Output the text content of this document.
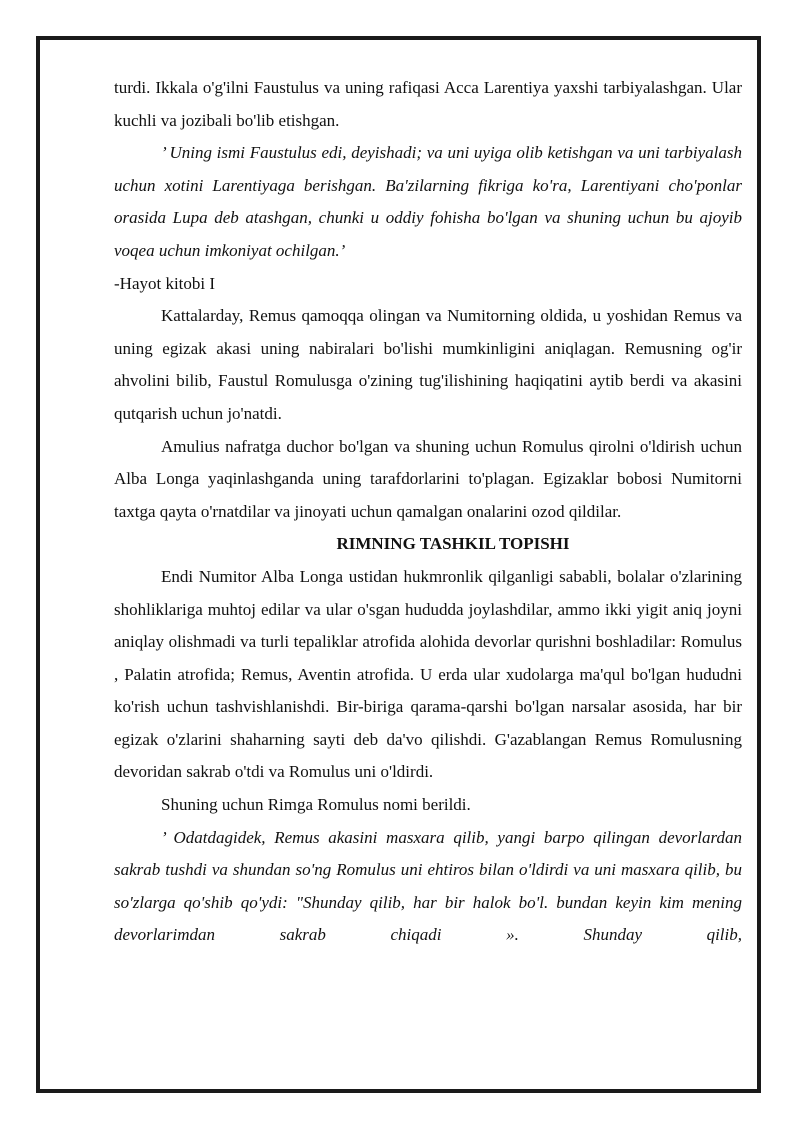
turdi. Ikkala o'g'ilni Faustulus va uning rafiqasi Acca Larentiya yaxshi tarbiyalashgan. Ular kuchli va jozibali bo'lib etishgan.

’ Uning ismi Faustulus edi, deyishadi; va uni uyiga olib ketishgan va uni tarbiyalash uchun xotini Larentiyaga berishgan. Ba'zilarning fikriga ko'ra, Larentiyani cho'ponlar orasida Lupa deb atashgan, chunki u oddiy fohisha bo'lgan va shuning uchun bu ajoyib voqea uchun imkoniyat ochilgan.’

-Hayot kitobi I

Kattalarday, Remus qamoqqa olingan va Numitorning oldida, u yoshidan Remus va uning egizak akasi uning nabiralari bo'lishi mumkinligini aniqlagan. Remusning og'ir ahvolini bilib, Faustul Romulusga o'zining tug'ilishining haqiqatini aytib berdi va akasini qutqarish uchun jo'natdi.

Amulius nafratga duchor bo'lgan va shuning uchun Romulus qirolni o'ldirish uchun Alba Longa yaqinlashganda uning tarafdorlarini to'plagan. Egizaklar bobosi Numitorni taxtga qayta o'rnatdilar va jinoyati uchun qamalgan onalarini ozod qildilar.

RIMNING TASHKIL TOPISHI

Endi Numitor Alba Longa ustidan hukmronlik qilganligi sababli, bolalar o'zlarining shohliklariga muhtoj edilar va ular o'sgan hududda joylashdilar, ammo ikki yigit aniq joyni aniqlay olishmadi va turli tepaliklar atrofida alohida devorlar qurishni boshladilar: Romulus , Palatin atrofida; Remus, Aventin atrofida. U erda ular xudolarga ma'qul bo'lgan hududni ko'rish uchun tashvishlanishdi. Bir-biriga qarama-qarshi bo'lgan narsalar asosida, har bir egizak o'zlarini shaharning sayti deb da'vo qilishdi. G'azablangan Remus Romulusning devoridan sakrab o'tdi va Romulus uni o'ldirdi.

Shuning uchun Rimga Romulus nomi berildi.

’ Odatdagidek, Remus akasini masxara qilib, yangi barpo qilingan devorlardan sakrab tushdi va shundan so'ng Romulus uni ehtiros bilan o'ldirdi va uni masxara qilib, bu so'zlarga qo'shib qo'ydi: "Shunday qilib, har bir halok bo'l. bundan keyin kim mening devorlarimdan sakrab chiqadi ». Shunday qilib,
